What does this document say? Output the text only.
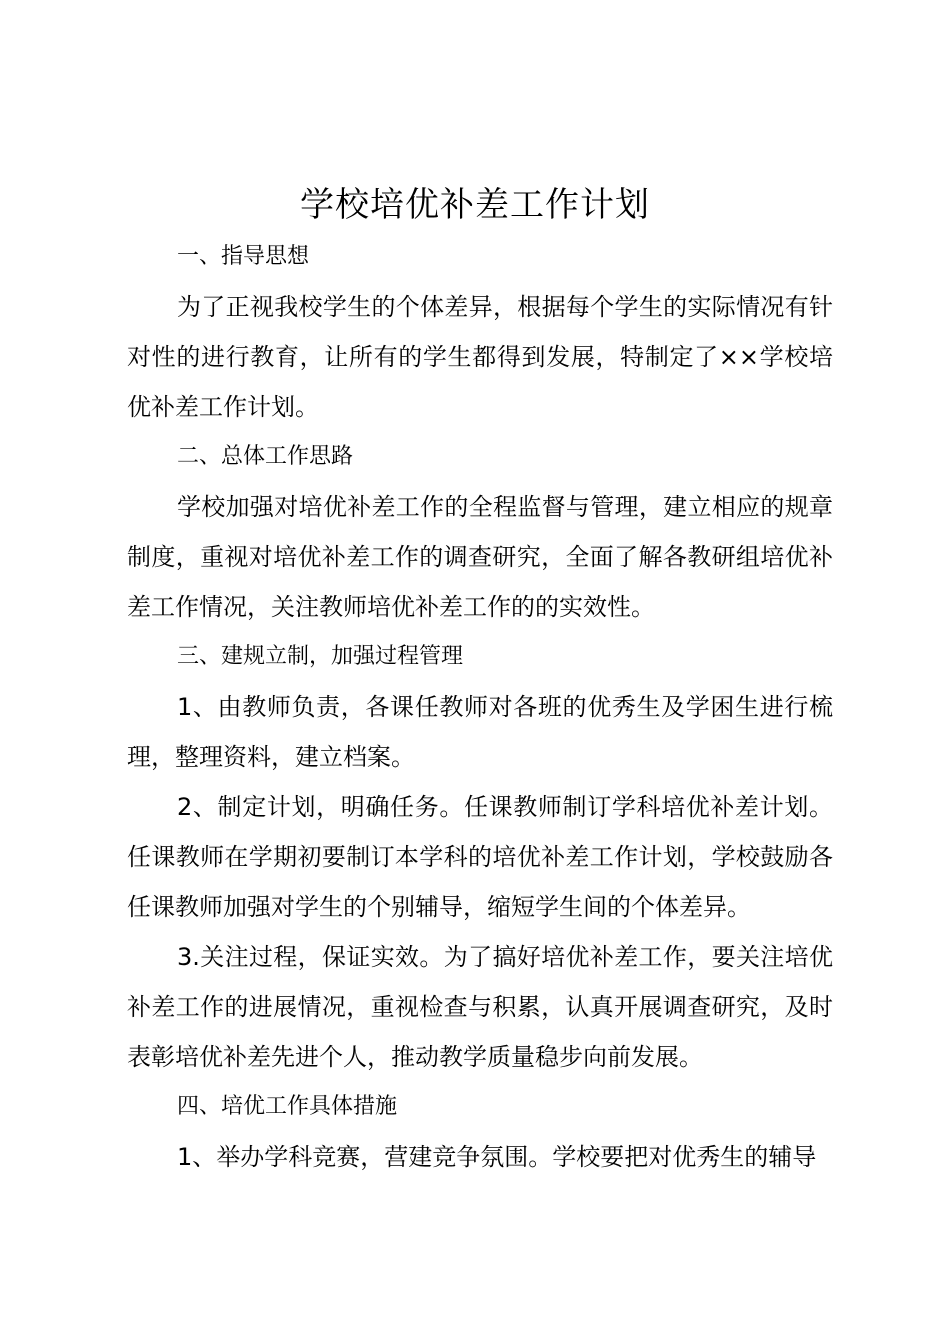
学校培优补差工作计划

一、指导思想

为了正视我校学生的个体差异，根据每个学生的实际情况有针对性的进行教育，让所有的学生都得到发展，特制定了××学校培优补差工作计划。

二、总体工作思路

学校加强对培优补差工作的全程监督与管理，建立相应的规章制度，重视对培优补差工作的调查研究，全面了解各教研组培优补差工作情况，关注教师培优补差工作的的实效性。

三、建规立制，加强过程管理

1、由教师负责，各课任教师对各班的优秀生及学困生进行梳理，整理资料，建立档案。

2、制定计划，明确任务。任课教师制订学科培优补差计划。任课教师在学期初要制订本学科的培优补差工作计划，学校鼓励各任课教师加强对学生的个别辅导，缩短学生间的个体差异。

3.关注过程，保证实效。为了搞好培优补差工作，要关注培优补差工作的进展情况，重视检查与积累，认真开展调查研究，及时表彰培优补差先进个人，推动教学质量稳步向前发展。

四、培优工作具体措施

1、举办学科竞赛，营建竞争氛围。学校要把对优秀生的辅导
